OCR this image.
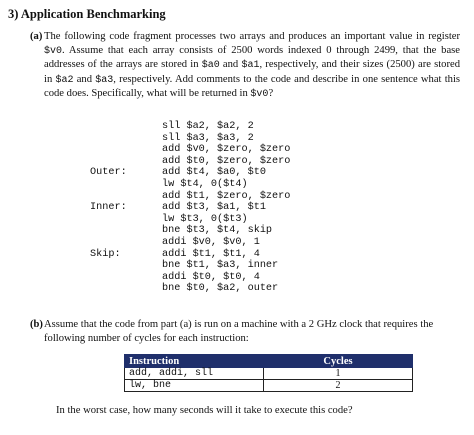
3) Application Benchmarking
(a) The following code fragment processes two arrays and produces an important value in register $v0. Assume that each array consists of 2500 words indexed 0 through 2499, that the base addresses of the arrays are stored in $a0 and $a1, respectively, and their sizes (2500) are stored in $a2 and $a3, respectively. Add comments to the code and describe in one sentence what this code does. Specifically, what will be returned in $v0?
sll $a2, $a2, 2
sll $a3, $a3, 2
add $v0, $zero, $zero
add $t0, $zero, $zero
Outer:	add $t4, $a0, $t0
lw $t4, 0($t4)
add $t1, $zero, $zero
Inner:	add $t3, $a1, $t1
lw $t3, 0($t3)
bne $t3, $t4, skip
addi $v0, $v0, 1
Skip:	addi $t1, $t1, 4
bne $t1, $a3, inner
addi $t0, $t0, 4
bne $t0, $a2, outer
(b) Assume that the code from part (a) is run on a machine with a 2 GHz clock that requires the following number of cycles for each instruction:
Instruction	Cycles
add, addi, sll	1
lw, bne	2
In the worst case, how many seconds will it take to execute this code?
